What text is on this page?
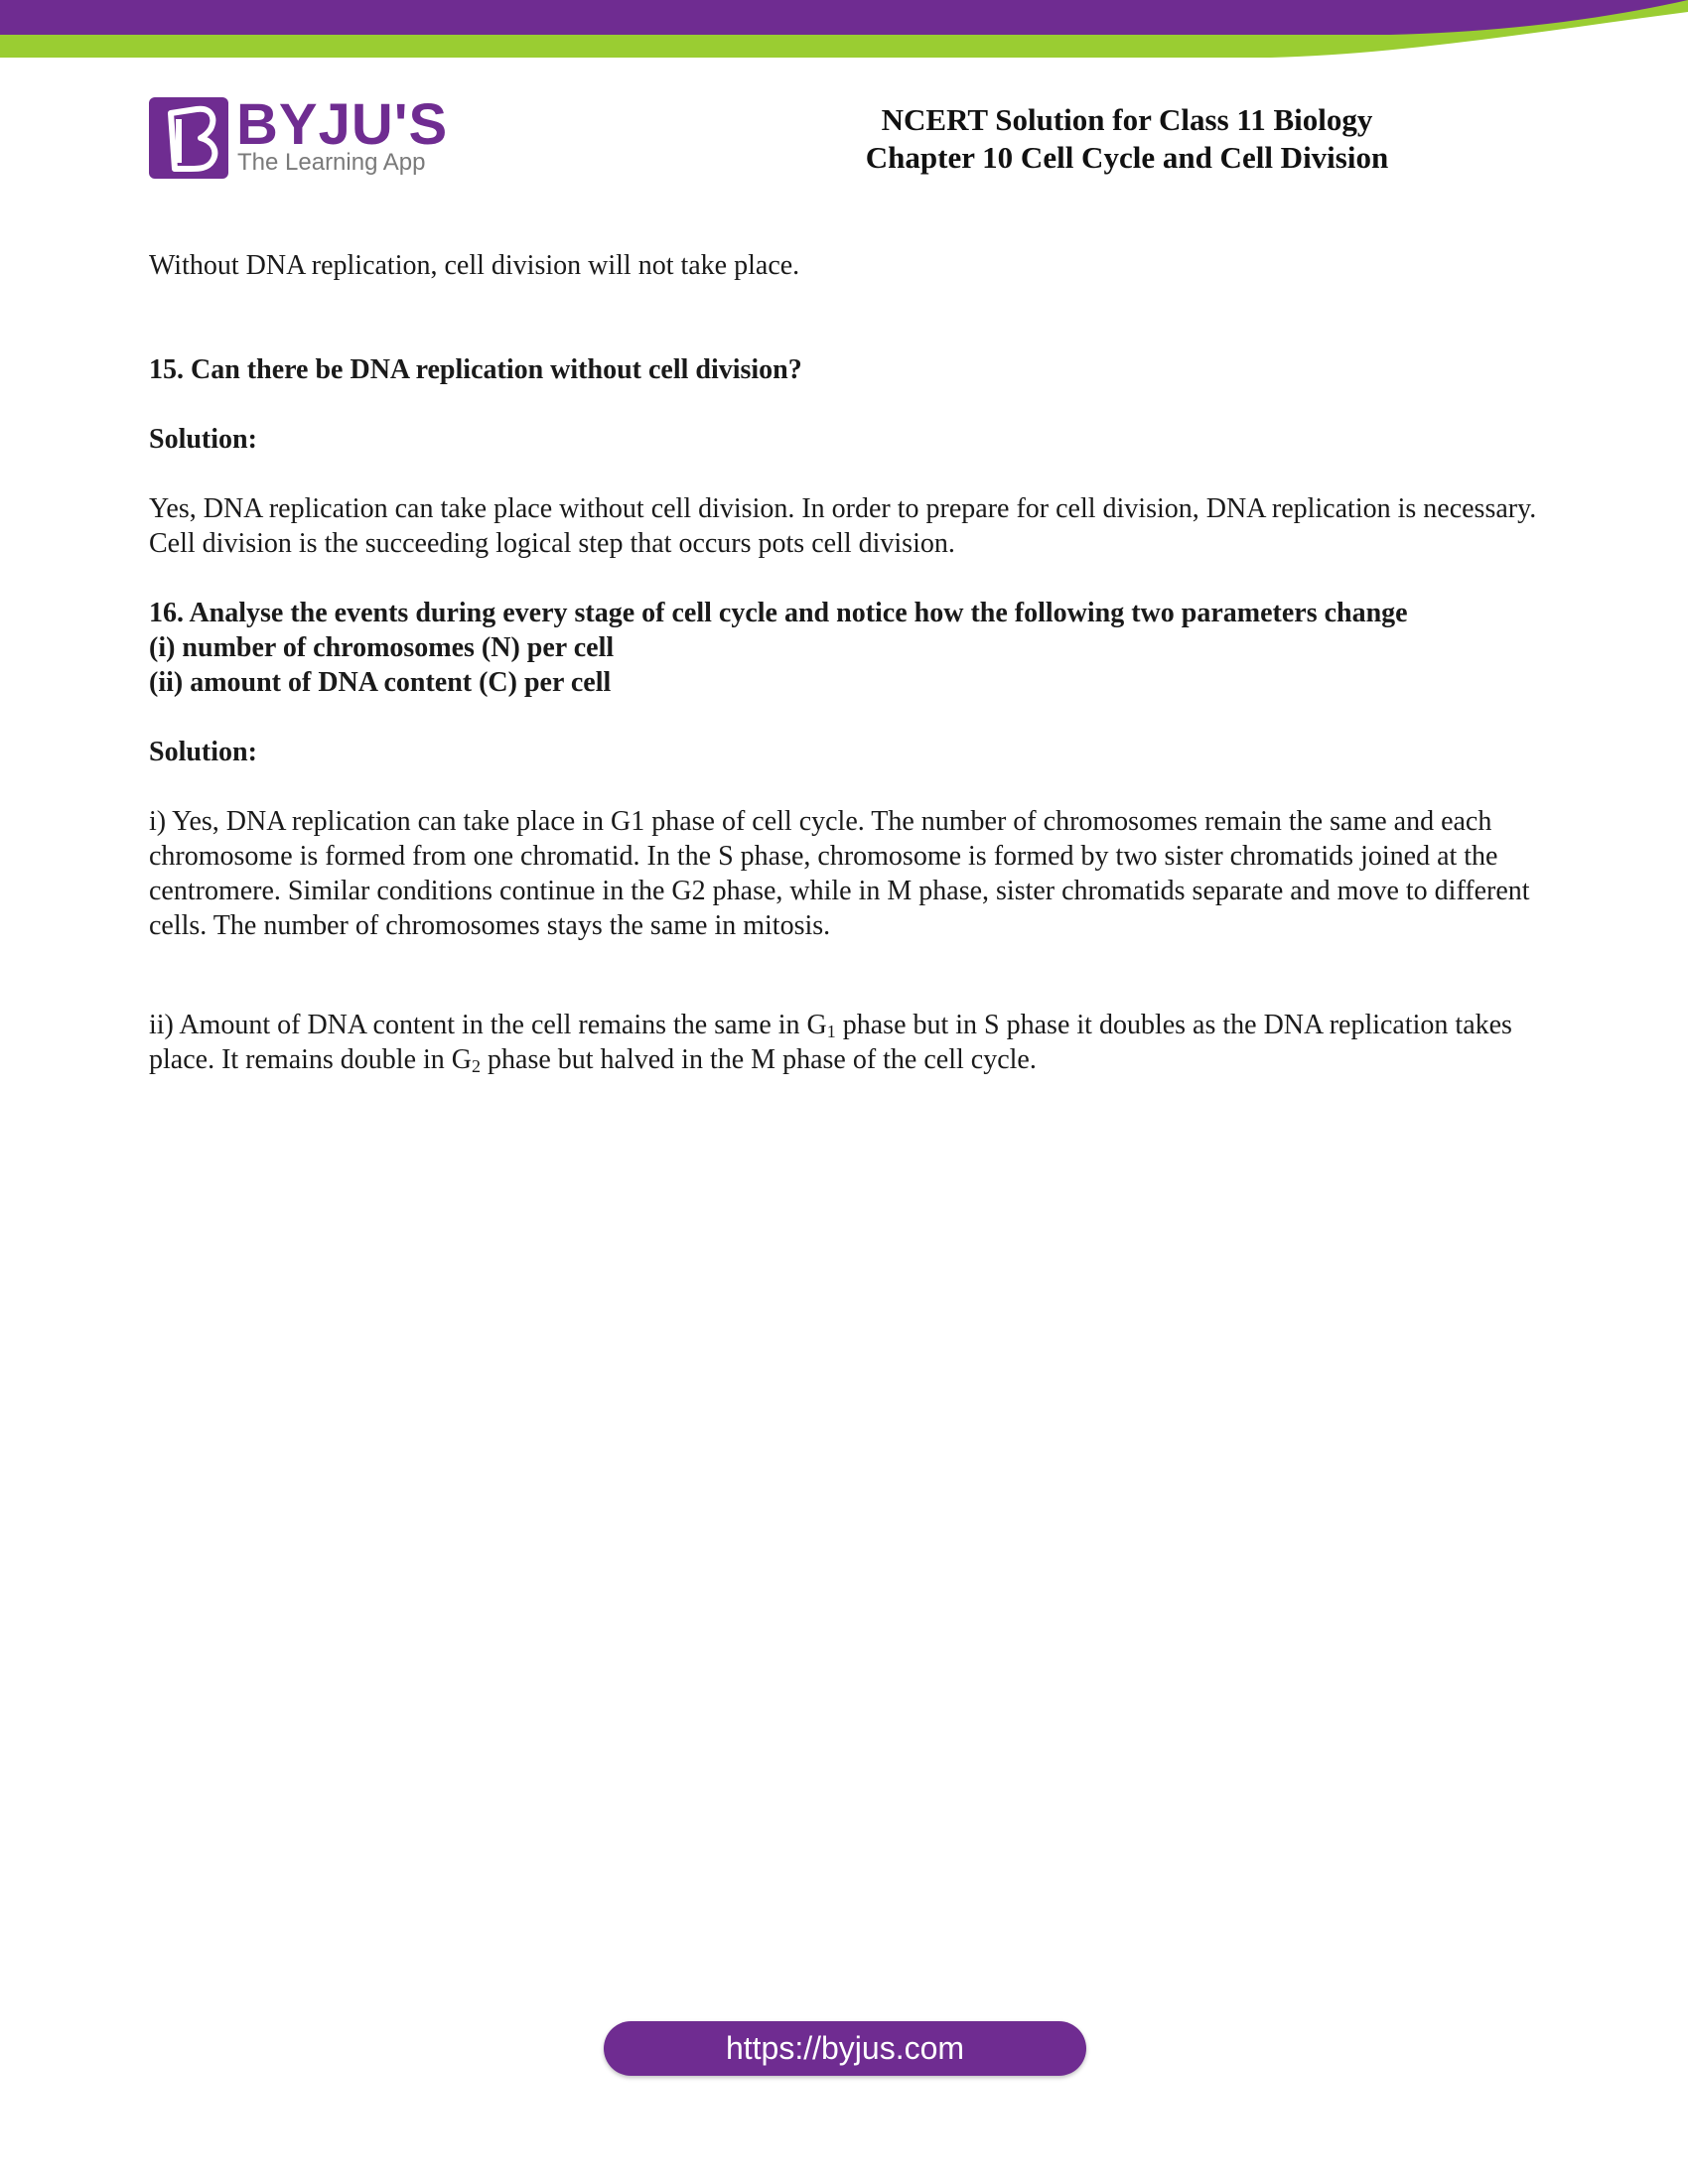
BYJU'S
The Learning App
NCERT Solution for Class 11 Biology
Chapter 10 Cell Cycle and Cell Division

Without DNA replication, cell division will not take place.

15. Can there be DNA replication without cell division?

Solution:

Yes, DNA replication can take place without cell division. In order to prepare for cell division, DNA replication is necessary. Cell division is the succeeding logical step that occurs pots cell division.

16. Analyse the events during every stage of cell cycle and notice how the following two parameters change

(i) number of chromosomes (N) per cell

(ii) amount of DNA content (C) per cell

Solution:

i) Yes, DNA replication can take place in G1 phase of cell cycle. The number of chromosomes remain the same and each chromosome is formed from one chromatid. In the S phase, chromosome is formed by two sister chromatids joined at the centromere. Similar conditions continue in the G2 phase, while in M phase, sister chromatids separate and move to different cells. The number of chromosomes stays the same in mitosis.

ii) Amount of DNA content in the cell remains the same in $G_1$ phase but in S phase it doubles as the DNA replication takes place. It remains double in $G_2$ phase but halved in the M phase of the cell cycle.

https://byjus.com
